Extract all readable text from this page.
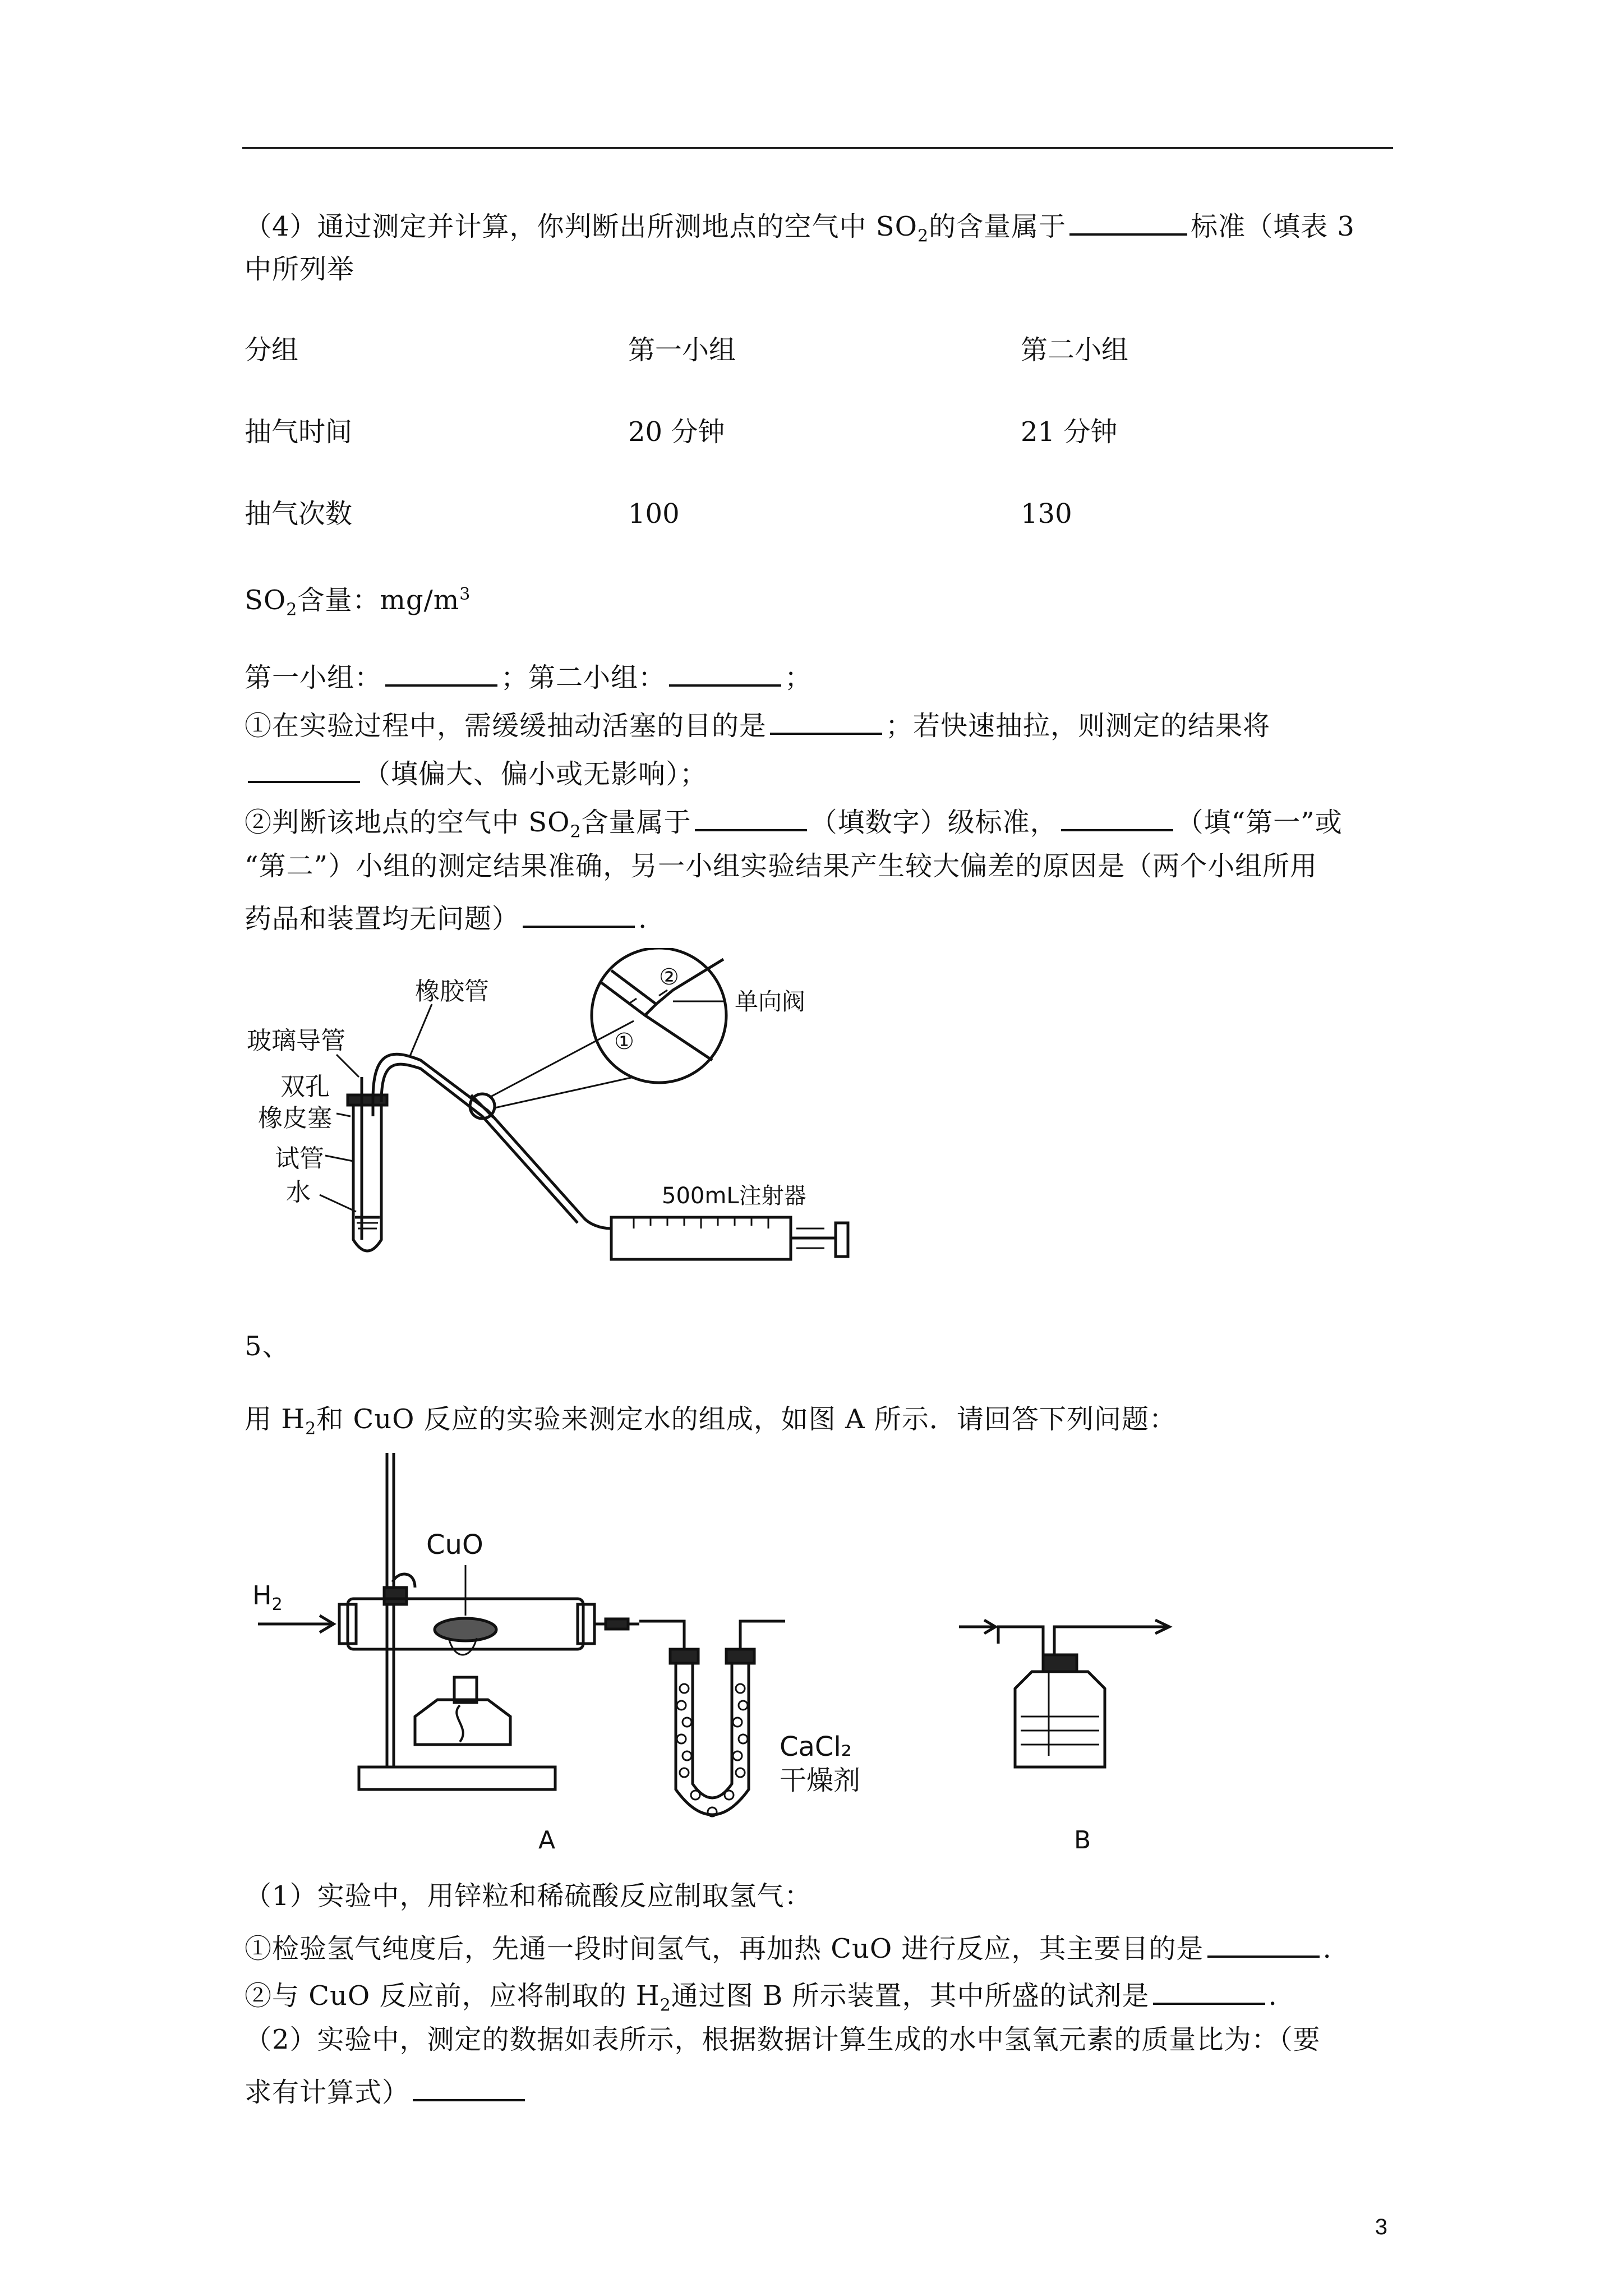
（4）通过测定并计算，你判断出所测地点的空气中 $SO_2$的含量属于	标准（填表 3
中所列举
分组	第一小组	第二小组
抽气时间	20 分钟	21 分钟
抽气次数	100	130
$SO_2$含量：$mg/m^3$
第一小组：	；第二小组：	；
①在实验过程中，需缓缓抽动活塞的目的是	；若快速抽拉，则测定的结果将
（填偏大、偏小或无影响）；
②判断该地点的空气中 $SO_2$含量属于	（填数字）级标准，	（填“第一”或
“第二”）小组的测定结果准确，另一小组实验结果产生较大偏差的原因是（两个小组所用
药品和装置均无问题）	.
玻璃导管
橡胶管
双孔
橡皮塞
试管
水
单向阀
①
②
500mL注射器
5、
用 $H_2$和 CuO 反应的实验来测定水的组成，如图 A 所示．请回答下列问题：
CuO
$H_2$
CaCl₂
干燥剂
A	B
（1）实验中，用锌粒和稀硫酸反应制取氢气：
①检验氢气纯度后，先通一段时间氢气，再加热 CuO 进行反应，其主要目的是	.
②与 CuO 反应前，应将制取的 $H_2$通过图 B 所示装置，其中所盛的试剂是	.
（2）实验中，测定的数据如表所示，根据数据计算生成的水中氢氧元素的质量比为：（要
求有计算式）
3
